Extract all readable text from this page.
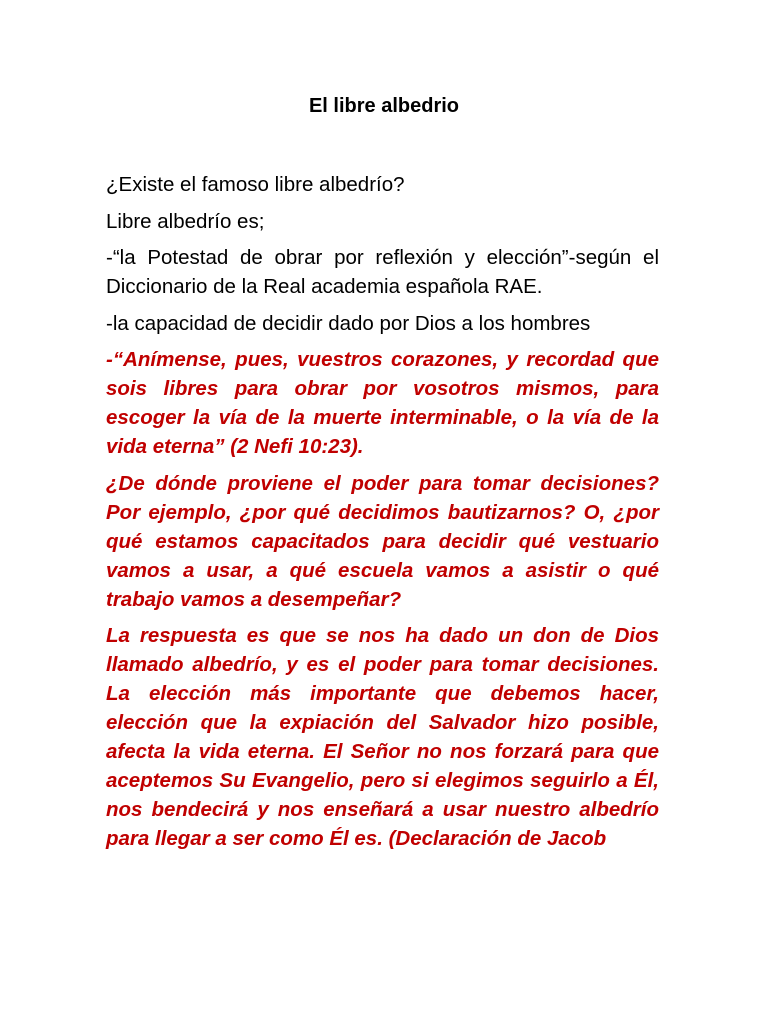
El libre albedrio

¿Existe el famoso libre albedrío?

Libre albedrío es;

-“la Potestad de obrar por reflexión y elección”-según el Diccionario de la Real academia española RAE.

-la capacidad de decidir dado por Dios a los hombres

-“Anímense, pues, vuestros corazones, y recordad que sois libres para obrar por vosotros mismos, para escoger la vía de la muerte interminable, o la vía de la vida eterna” (2 Nefi 10:23).

¿De dónde proviene el poder para tomar decisiones? Por ejemplo, ¿por qué decidimos bautizarnos? O, ¿por qué estamos capacitados para decidir qué vestuario vamos a usar, a qué escuela vamos a asistir o qué trabajo vamos a desempeñar?

La respuesta es que se nos ha dado un don de Dios llamado albedrío, y es el poder para tomar decisiones. La elección más importante que debemos hacer, elección que la expiación del Salvador hizo posible, afecta la vida eterna. El Señor no nos forzará para que aceptemos Su Evangelio, pero si elegimos seguirlo a Él, nos bendecirá y nos enseñará a usar nuestro albedrío para llegar a ser como Él es. (Declaración de Jacob
